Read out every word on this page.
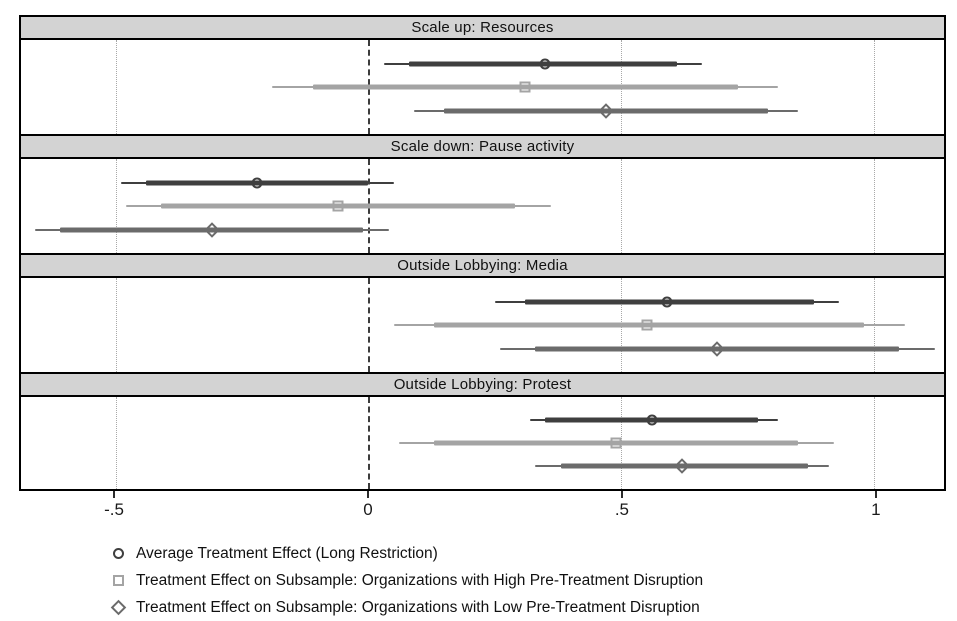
Scale up: Resources
Scale down: Pause activity
Outside Lobbying: Media
Outside Lobbying: Protest
-.5	0	.5	1
Average Treatment Effect (Long Restriction)
Treatment Effect on Subsample: Organizations with High Pre-Treatment Disruption
Treatment Effect on Subsample: Organizations with Low Pre-Treatment Disruption
